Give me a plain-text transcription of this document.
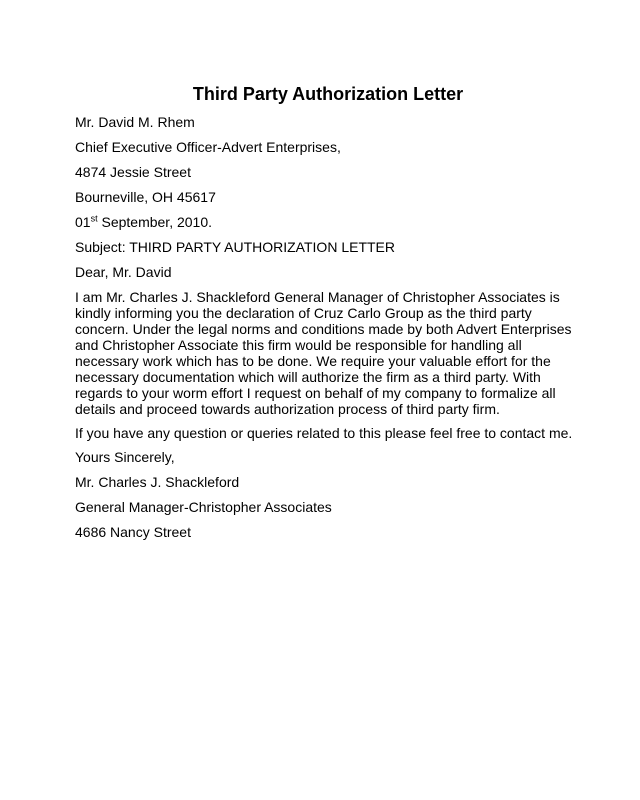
Third Party Authorization Letter

Mr. David M. Rhem

Chief Executive Officer-Advert Enterprises,

4874 Jessie Street

Bourneville, OH 45617

01st September, 2010.

Subject: THIRD PARTY AUTHORIZATION LETTER

Dear, Mr. David

I am Mr. Charles J. Shackleford General Manager of Christopher Associates is kindly informing you the declaration of Cruz Carlo Group as the third party concern. Under the legal norms and conditions made by both Advert Enterprises and Christopher Associate this firm would be responsible for handling all necessary work which has to be done. We require your valuable effort for the necessary documentation which will authorize the firm as a third party. With regards to your worm effort I request on behalf of my company to formalize all details and proceed towards authorization process of third party firm.

If you have any question or queries related to this please feel free to contact me.

Yours Sincerely,

Mr. Charles J. Shackleford

General Manager-Christopher Associates

4686 Nancy Street
